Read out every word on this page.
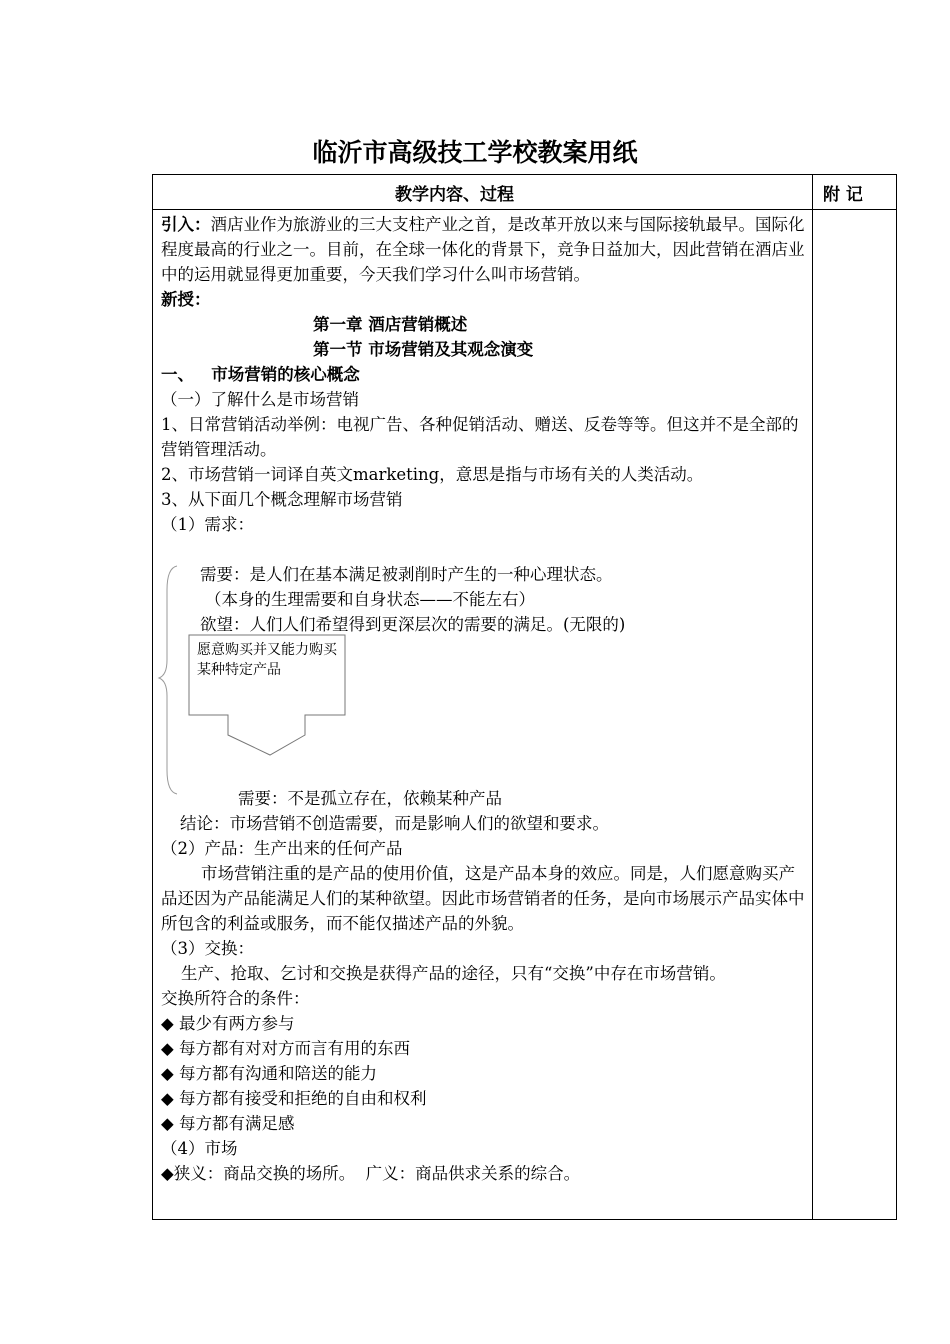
临沂市高级技工学校教案用纸
教学内容、过程	附 记

引入：酒店业作为旅游业的三大支柱产业之首，是改革开放以来与国际接轨最早。国际化程度最高的行业之一。目前，在全球一体化的背景下，竞争日益加大，因此营销在酒店业中的运用就显得更加重要，今天我们学习什么叫市场营销。

新授：

第一章 酒店营销概述

第一节 市场营销及其观念演变

一、   市场营销的核心概念

（一）了解什么是市场营销

1、日常营销活动举例：电视广告、各种促销活动、赠送、反卷等等。但这并不是全部的营销管理活动。

2、市场营销一词译自英文marketing，意思是指与市场有关的人类活动。

3、从下面几个概念理解市场营销

（1）需求：

需要：是人们在基本满足被剥削时产生的一种心理状态。
（本身的生理需要和自身状态——不能左右）
欲望：人们人们希望得到更深层次的需要的满足。(无限的)
愿意购买并又能力购买某种特定产品
需要：不是孤立存在，依赖某种产品
结论：市场营销不创造需要，而是影响人们的欲望和要求。

（2）产品：生产出来的任何产品

市场营销注重的是产品的使用价值，这是产品本身的效应。同是，人们愿意购买产品还因为产品能满足人们的某种欲望。因此市场营销者的任务，是向市场展示产品实体中所包含的利益或服务，而不能仅描述产品的外貌。

（3）交换：

生产、抢取、乞讨和交换是获得产品的途径，只有“交换”中存在市场营销。

交换所符合的条件：

◆ 最少有两方参与

◆ 每方都有对对方而言有用的东西

◆ 每方都有沟通和陪送的能力

◆ 每方都有接受和拒绝的自由和权利

◆ 每方都有满足感

（4）市场

◆狭义：商品交换的场所。  广义：商品供求关系的综合。
